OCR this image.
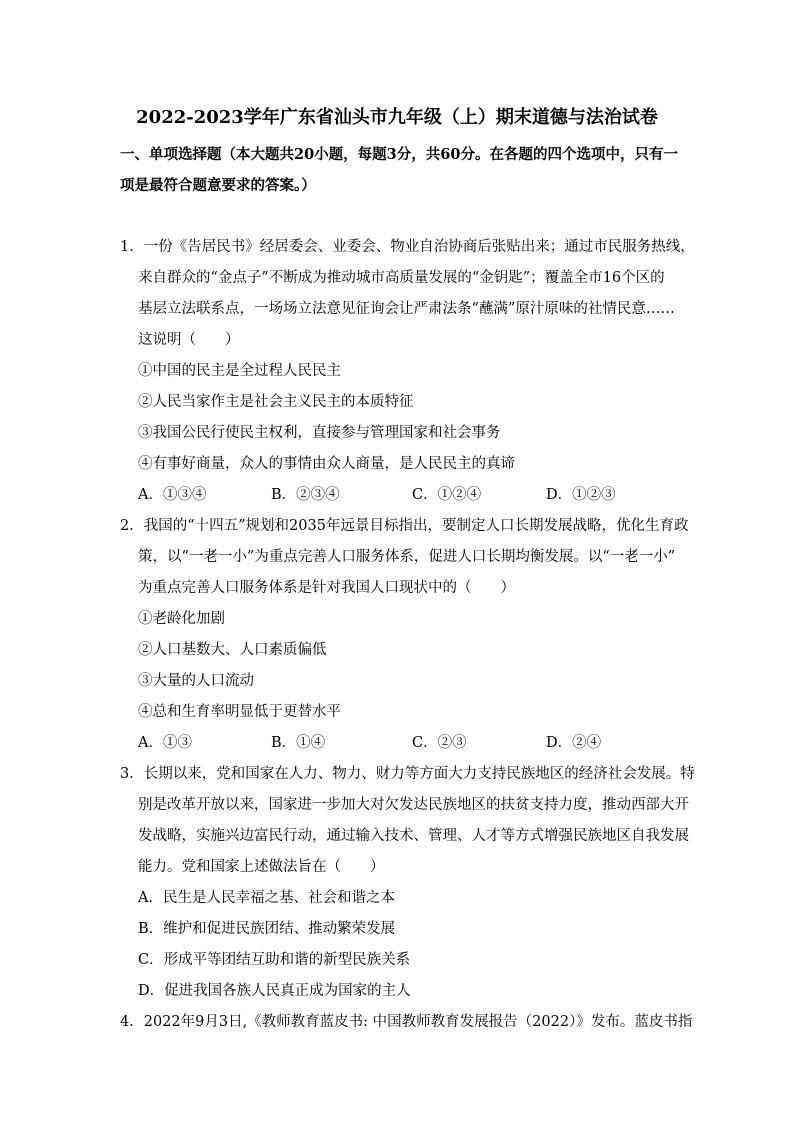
2022-2023学年广东省汕头市九年级（上）期末道德与法治试卷
一、单项选择题（本大题共20小题，每题3分，共60分。在各题的四个选项中，只有一
项是最符合题意要求的答案。）
1．一份《告居民书》经居委会、业委会、物业自治协商后张贴出来；通过市民服务热线，
来自群众的“金点子”不断成为推动城市高质量发展的“金钥匙”；覆盖全市16个区的
基层立法联系点，一场场立法意见征询会让严肃法条“蘸满”原汁原味的社情民意……
这说明（　　）
①中国的民主是全过程人民民主
②人民当家作主是社会主义民主的本质特征
③我国公民行使民主权利，直接参与管理国家和社会事务
④有事好商量，众人的事情由众人商量，是人民民主的真谛
A．①③④	B．②③④	C．①②④	D．①②③
2．我国的“十四五”规划和2035年远景目标指出，要制定人口长期发展战略，优化生育政
策，以“一老一小”为重点完善人口服务体系，促进人口长期均衡发展。以“一老一小”
为重点完善人口服务体系是针对我国人口现状中的（　　）
①老龄化加剧
②人口基数大、人口素质偏低
③大量的人口流动
④总和生育率明显低于更替水平
A．①③	B．①④	C．②③	D．②④
3．长期以来，党和国家在人力、物力、财力等方面大力支持民族地区的经济社会发展。特
别是改革开放以来，国家进一步加大对欠发达民族地区的扶贫支持力度，推动西部大开
发战略，实施兴边富民行动，通过输入技术、管理、人才等方式增强民族地区自我发展
能力。党和国家上述做法旨在（　　）
A．民生是人民幸福之基、社会和谐之本
B．维护和促进民族团结、推动繁荣发展
C．形成平等团结互助和谐的新型民族关系
D．促进我国各族人民真正成为国家的主人
4．2022年9月3日,《教师教育蓝皮书: 中国教师教育发展报告（2022）》发布。蓝皮书指
